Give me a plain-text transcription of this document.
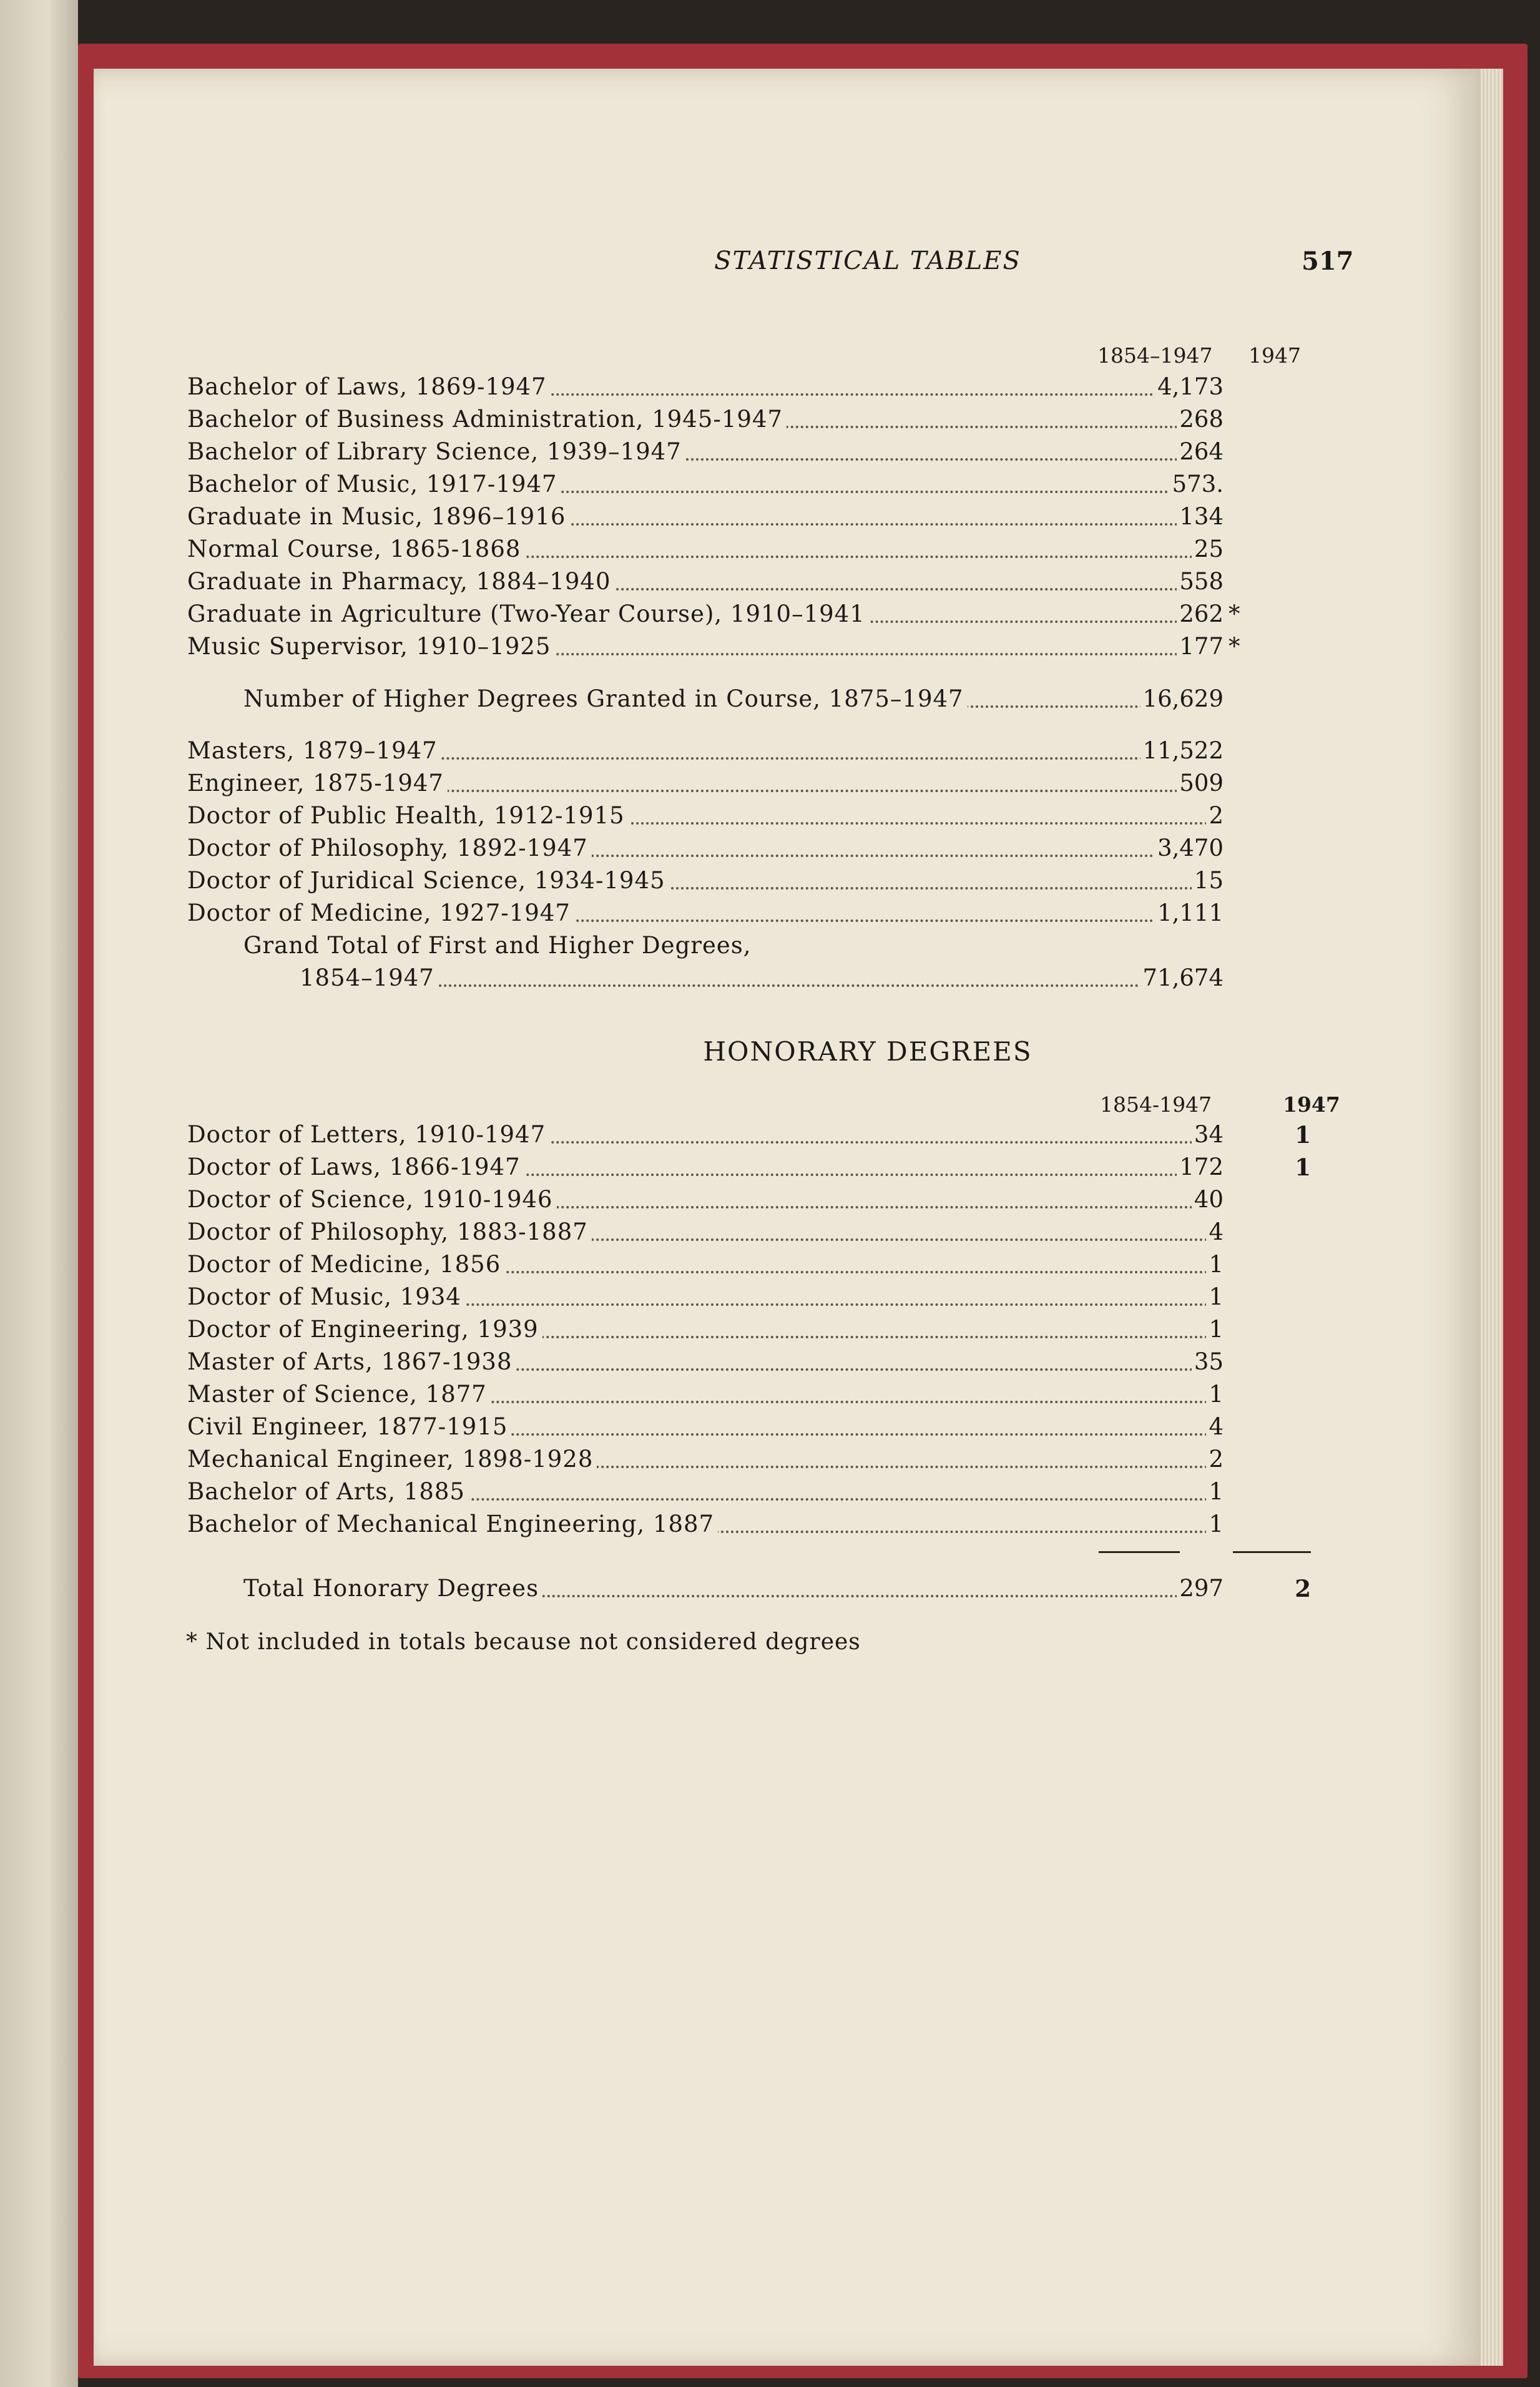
STATISTICAL TABLES	517
1854–1947 1947
Bachelor of Laws, 1869-1947	4,173
Bachelor of Business Administration, 1945-1947	268
Bachelor of Library Science, 1939–1947	264
Bachelor of Music, 1917-1947	573.
Graduate in Music, 1896–1916	134
Normal Course, 1865-1868	25
Graduate in Pharmacy, 1884–1940	558
Graduate in Agriculture (Two-Year Course), 1910–1941	262 *
Music Supervisor, 1910–1925	177 *
Number of Higher Degrees Granted in Course, 1875–1947	16,629
Masters, 1879–1947	11,522
Engineer, 1875-1947	509
Doctor of Public Health, 1912-1915	2
Doctor of Philosophy, 1892-1947	3,470
Doctor of Juridical Science, 1934-1945	15
Doctor of Medicine, 1927-1947	1,111
Grand Total of First and Higher Degrees,
1854–1947	71,674
HONORARY DEGREES
1854-1947	1947
Doctor of Letters, 1910-1947	34	1
Doctor of Laws, 1866-1947	172	1
Doctor of Science, 1910-1946	40
Doctor of Philosophy, 1883-1887	4
Doctor of Medicine, 1856	1
Doctor of Music, 1934	1
Doctor of Engineering, 1939	1
Master of Arts, 1867-1938	35
Master of Science, 1877	1
Civil Engineer, 1877-1915	4
Mechanical Engineer, 1898-1928	2
Bachelor of Arts, 1885	1
Bachelor of Mechanical Engineering, 1887	1
Total Honorary Degrees	297	2
* Not included in totals because not considered degrees
